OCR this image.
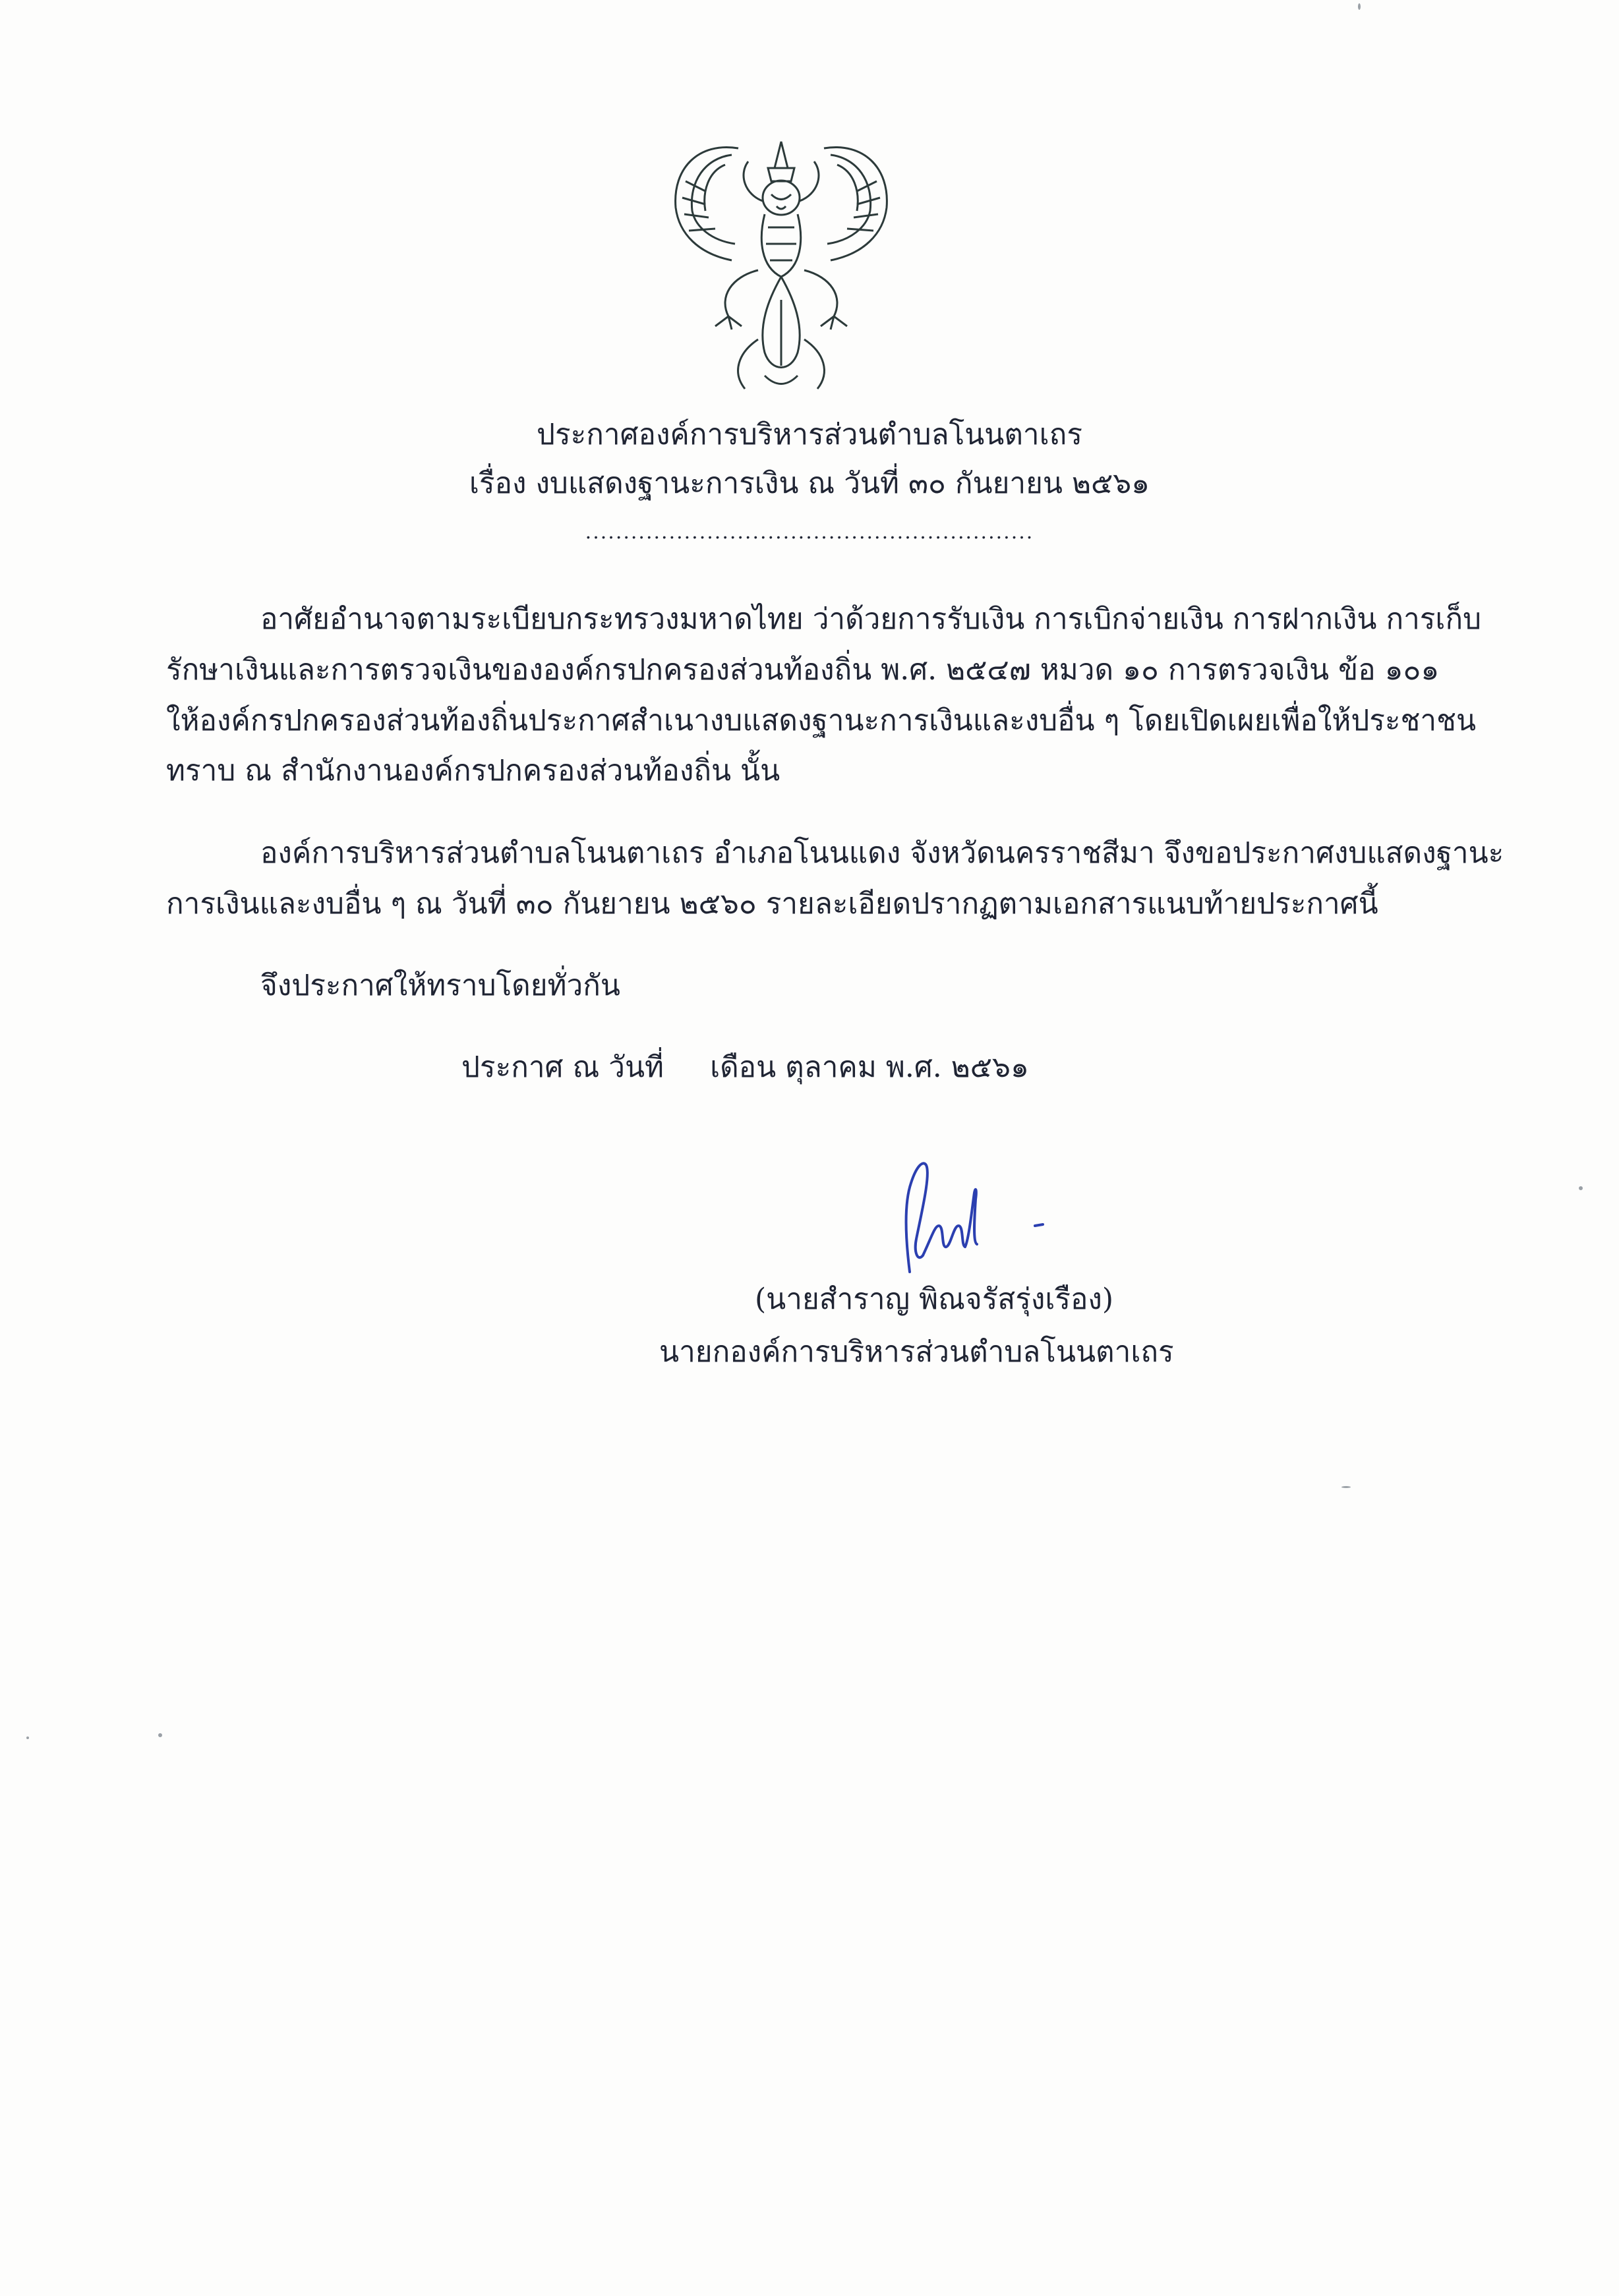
ประกาศองค์การบริหารส่วนตำบลโนนตาเถร
เรื่อง งบแสดงฐานะการเงิน ณ วันที่ ๓๐ กันยายน ๒๕๖๑
...........................................................
อาศัยอำนาจตามระเบียบกระทรวงมหาดไทย ว่าด้วยการรับเงิน การเบิกจ่ายเงิน การฝากเงิน การเก็บ
รักษาเงินและการตรวจเงินขององค์กรปกครองส่วนท้องถิ่น พ.ศ. ๒๕๔๗ หมวด ๑๐ การตรวจเงิน ข้อ ๑๐๑
ให้องค์กรปกครองส่วนท้องถิ่นประกาศสำเนางบแสดงฐานะการเงินและงบอื่น ๆ โดยเปิดเผยเพื่อให้ประชาชน
ทราบ ณ สำนักงานองค์กรปกครองส่วนท้องถิ่น นั้น
องค์การบริหารส่วนตำบลโนนตาเถร อำเภอโนนแดง จังหวัดนครราชสีมา จึงขอประกาศงบแสดงฐานะ
การเงินและงบอื่น ๆ ณ วันที่ ๓๐ กันยายน ๒๕๖๐ รายละเอียดปรากฏตามเอกสารแนบท้ายประกาศนี้
จึงประกาศให้ทราบโดยทั่วกัน
ประกาศ ณ วันที่ เดือน ตุลาคม พ.ศ. ๒๕๖๑
(นายสำราญ พิณจรัสรุ่งเรือง)
นายกองค์การบริหารส่วนตำบลโนนตาเถร
